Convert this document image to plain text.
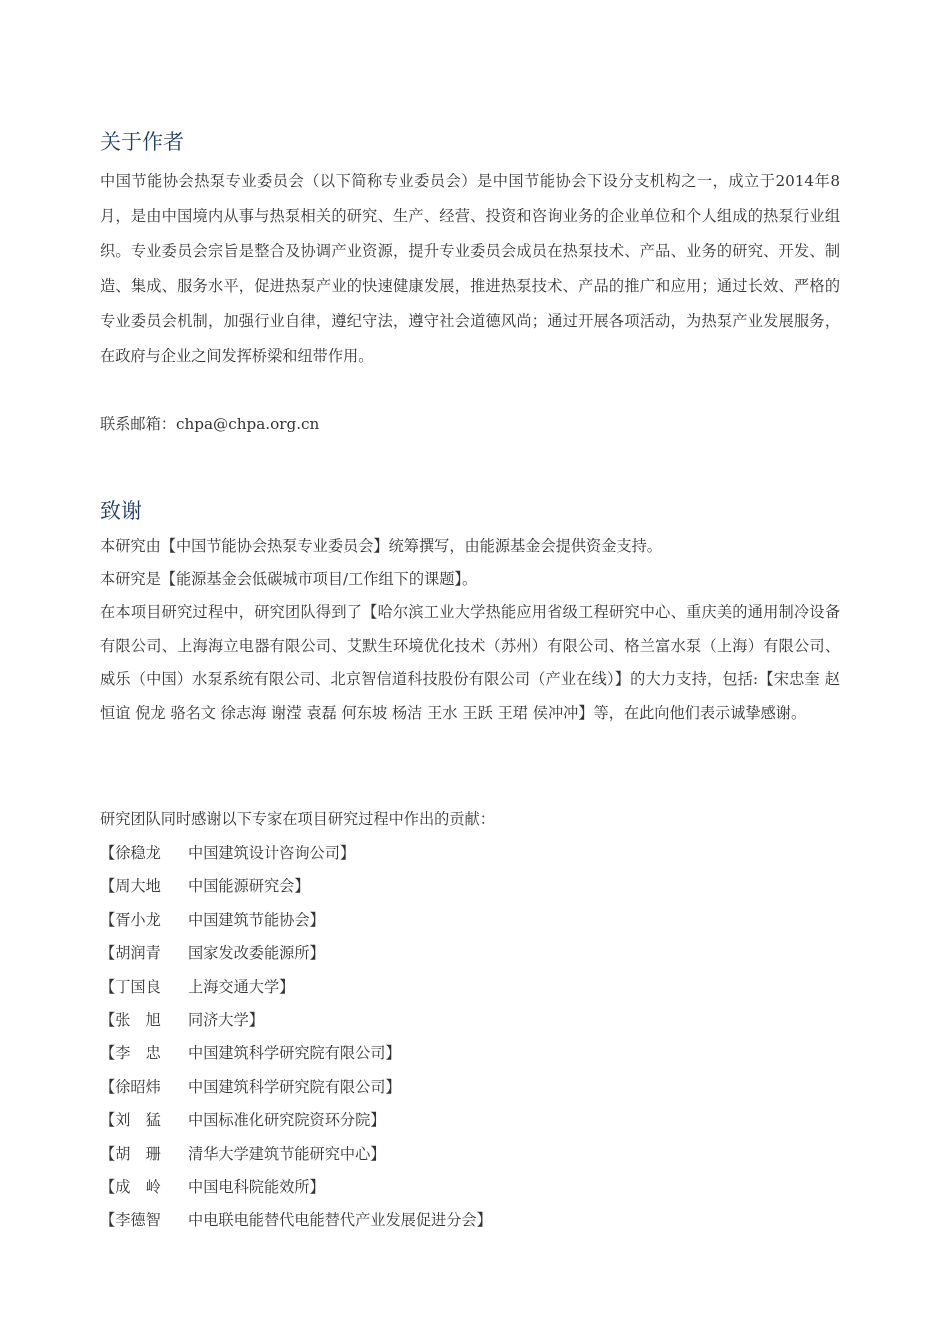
关于作者

中国节能协会热泵专业委员会（以下简称专业委员会）是中国节能协会下设分支机构之一，成立于2014年8月，是由中国境内从事与热泵相关的研究、生产、经营、投资和咨询业务的企业单位和个人组成的热泵行业组织。专业委员会宗旨是整合及协调产业资源，提升专业委员会成员在热泵技术、产品、业务的研究、开发、制造、集成、服务水平，促进热泵产业的快速健康发展，推进热泵技术、产品的推广和应用；通过长效、严格的专业委员会机制，加强行业自律，遵纪守法，遵守社会道德风尚；通过开展各项活动，为热泵产业发展服务，在政府与企业之间发挥桥梁和纽带作用。

联系邮箱：chpa@chpa.org.cn
致谢
本研究由【中国节能协会热泵专业委员会】统筹撰写，由能源基金会提供资金支持。
本研究是【能源基金会低碳城市项目/工作组下的课题】。

在本项目研究过程中，研究团队得到了【哈尔滨工业大学热能应用省级工程研究中心、重庆美的通用制冷设备有限公司、上海海立电器有限公司、艾默生环境优化技术（苏州）有限公司、格兰富水泵（上海）有限公司、威乐（中国）水泵系统有限公司、北京智信道科技股份有限公司（产业在线）】的大力支持，包括:【宋忠奎 赵恒谊 倪龙 骆名文 徐志海 谢滢 袁磊 何东坡 杨洁 王水 王跃 王珺 侯冲冲】等，在此向他们表示诚挚感谢。

研究团队同时感谢以下专家在项目研究过程中作出的贡献：
【徐稳龙 中国建筑设计咨询公司】
【周大地 中国能源研究会】
【胥小龙 中国建筑节能协会】
【胡润青 国家发改委能源所】
【丁国良 上海交通大学】
【张　旭 同济大学】
【李　忠 中国建筑科学研究院有限公司】
【徐昭炜 中国建筑科学研究院有限公司】
【刘　猛 中国标准化研究院资环分院】
【胡　珊 清华大学建筑节能研究中心】
【成　岭 中国电科院能效所】
【李德智 中电联电能替代电能替代产业发展促进分会】
